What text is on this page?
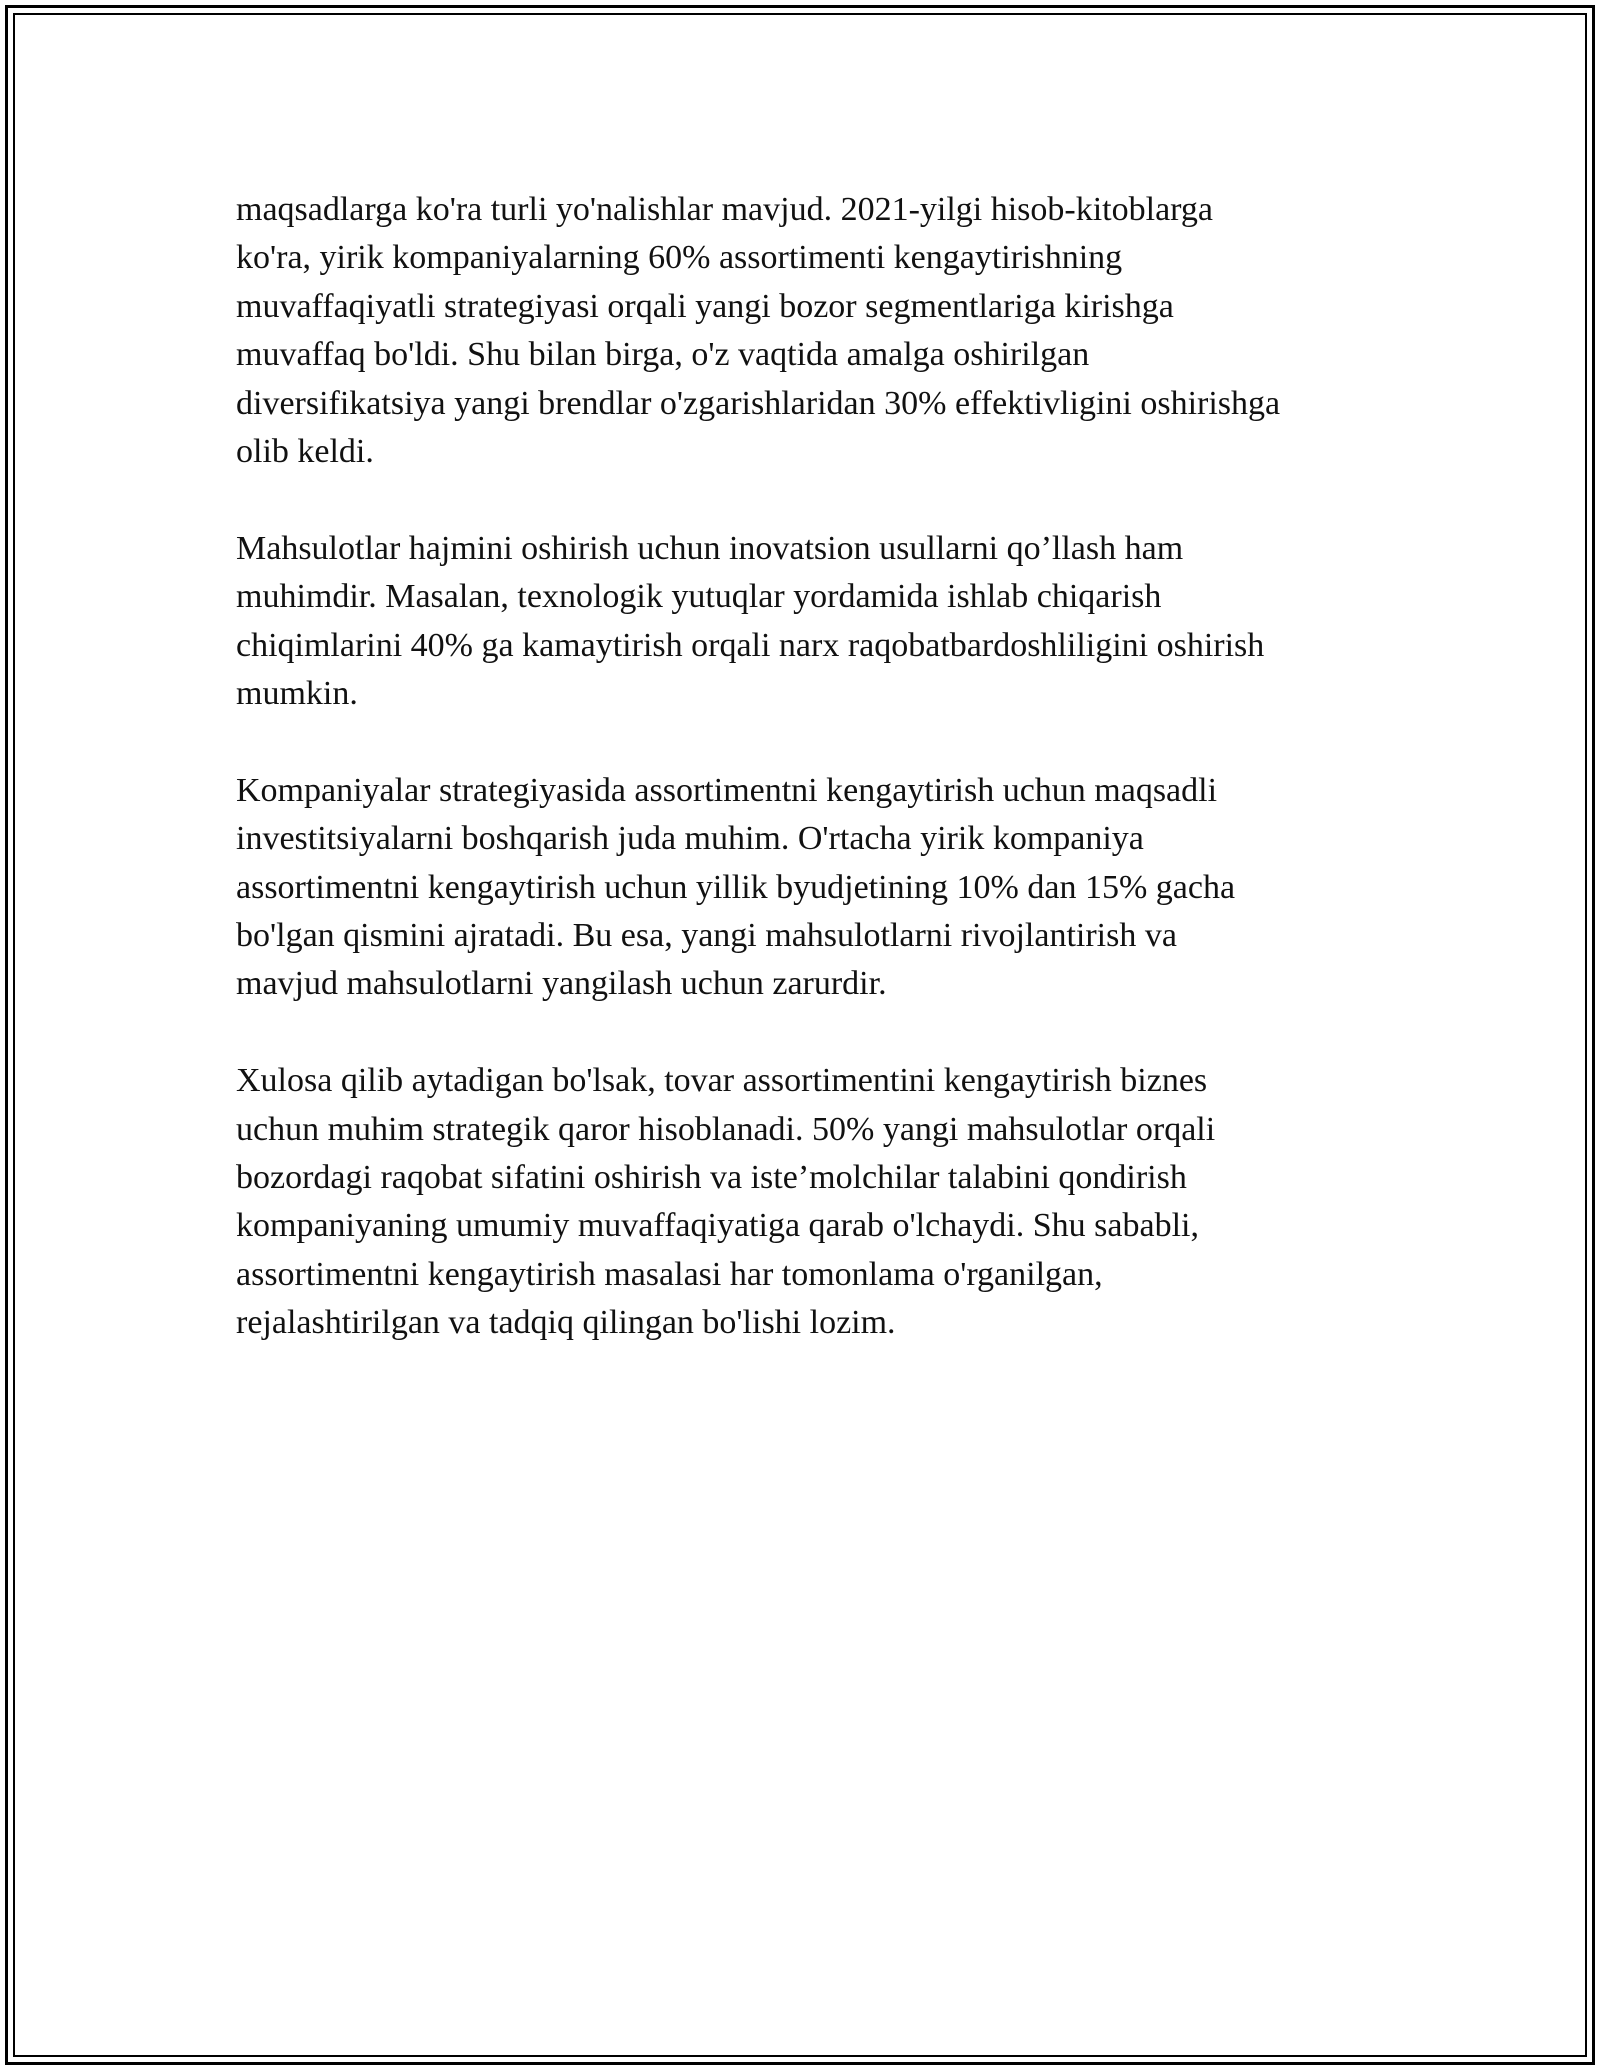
maqsadlarga ko'ra turli yo'nalishlar mavjud. 2021-yilgi hisob-kitoblarga
ko'ra, yirik kompaniyalarning 60% assortimenti kengaytirishning
muvaffaqiyatli strategiyasi orqali yangi bozor segmentlariga kirishga
muvaffaq bo'ldi. Shu bilan birga, o'z vaqtida amalga oshirilgan
diversifikatsiya yangi brendlar o'zgarishlaridan 30% effektivligini oshirishga
olib keldi.

Mahsulotlar hajmini oshirish uchun inovatsion usullarni qo’llash ham
muhimdir. Masalan, texnologik yutuqlar yordamida ishlab chiqarish
chiqimlarini 40% ga kamaytirish orqali narx raqobatbardoshliligini oshirish
mumkin.

Kompaniyalar strategiyasida assortimentni kengaytirish uchun maqsadli
investitsiyalarni boshqarish juda muhim. O'rtacha yirik kompaniya
assortimentni kengaytirish uchun yillik byudjetining 10% dan 15% gacha
bo'lgan qismini ajratadi. Bu esa, yangi mahsulotlarni rivojlantirish va
mavjud mahsulotlarni yangilash uchun zarurdir.

Xulosa qilib aytadigan bo'lsak, tovar assortimentini kengaytirish biznes
uchun muhim strategik qaror hisoblanadi. 50% yangi mahsulotlar orqali
bozordagi raqobat sifatini oshirish va iste’molchilar talabini qondirish
kompaniyaning umumiy muvaffaqiyatiga qarab o'lchaydi. Shu sababli,
assortimentni kengaytirish masalasi har tomonlama o'rganilgan,
rejalashtirilgan va tadqiq qilingan bo'lishi lozim.
